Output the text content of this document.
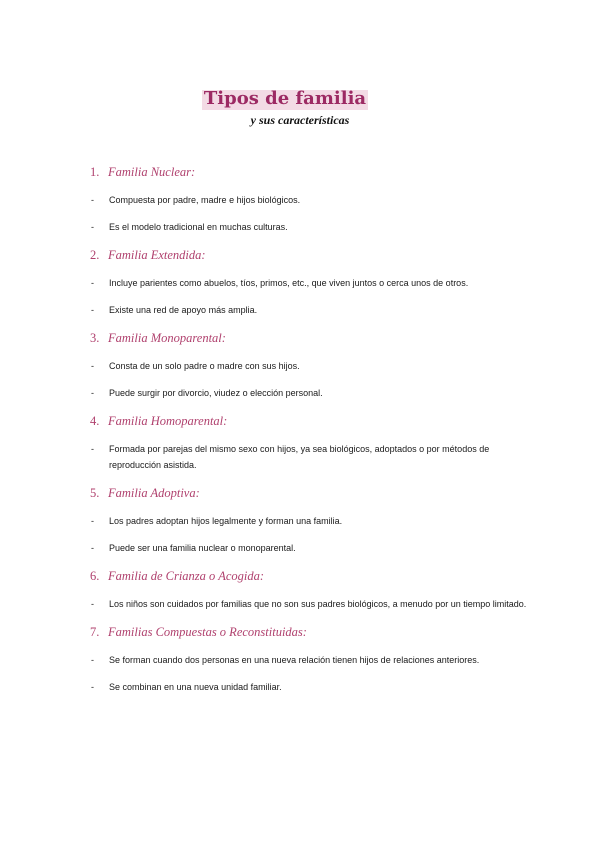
Tipos de familia
y sus características
1. Familia Nuclear:
- Compuesta por padre, madre e hijos biológicos.
- Es el modelo tradicional en muchas culturas.
2. Familia Extendida:
- Incluye parientes como abuelos, tíos, primos, etc., que viven juntos o cerca unos de otros.
- Existe una red de apoyo más amplia.
3. Familia Monoparental:
- Consta de un solo padre o madre con sus hijos.
- Puede surgir por divorcio, viudez o elección personal.
4. Familia Homoparental:
- Formada por parejas del mismo sexo con hijos, ya sea biológicos, adoptados o por métodos de reproducción asistida.
5. Familia Adoptiva:
- Los padres adoptan hijos legalmente y forman una familia.
- Puede ser una familia nuclear o monoparental.
6. Familia de Crianza o Acogida:
- Los niños son cuidados por familias que no son sus padres biológicos, a menudo por un tiempo limitado.
7. Familias Compuestas o Reconstituidas:
- Se forman cuando dos personas en una nueva relación tienen hijos de relaciones anteriores.
- Se combinan en una nueva unidad familiar.
